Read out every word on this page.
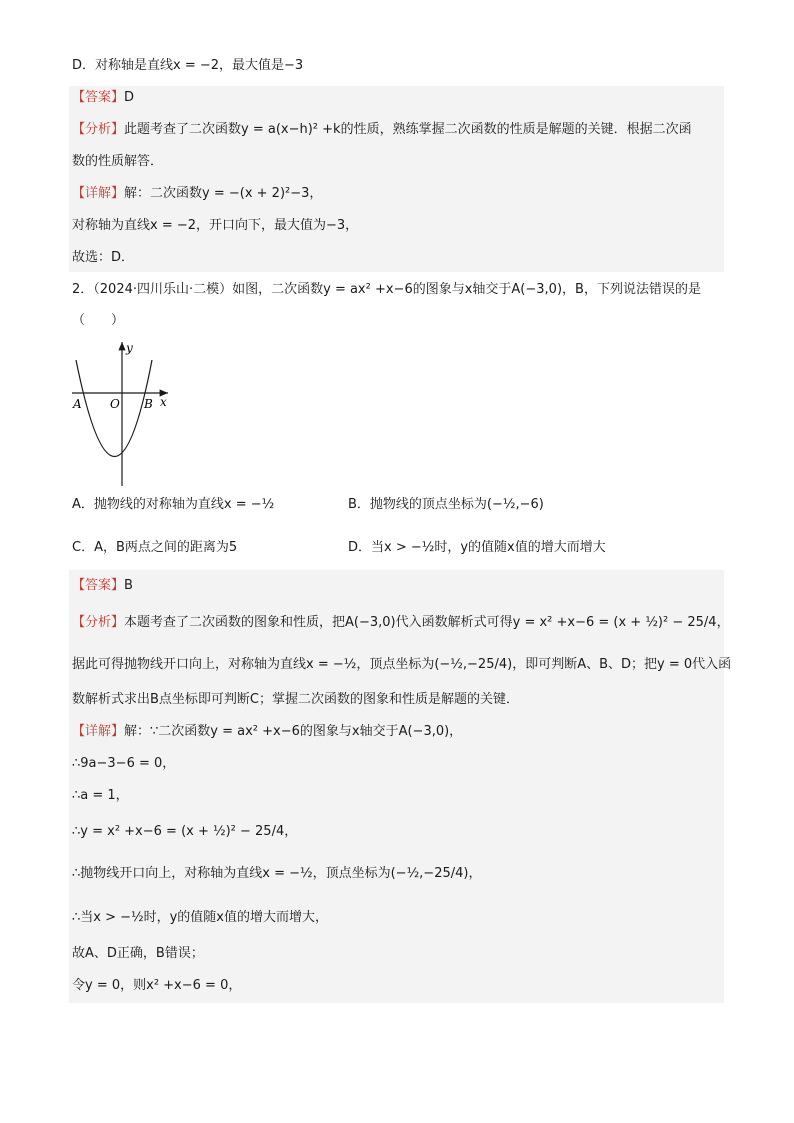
D．对称轴是直线x = −2，最大值是−3
【答案】D
【分析】此题考查了二次函数y = a(x−h)² +k的性质，熟练掌握二次函数的性质是解题的关键．根据二次函
数的性质解答．
【详解】解：二次函数y = −(x + 2)²−3，
对称轴为直线x = −2，开口向下，最大值为−3，
故选：D．
2．（2024·四川乐山·二模）如图，二次函数y = ax² +x−6的图象与x轴交于A(−3,0)，B，下列说法错误的是
（　　）
y
x
A O B
A．抛物线的对称轴为直线x = −½	B．抛物线的顶点坐标为(−½,−6)
C．A，B两点之间的距离为5	D．当x > −½时，y的值随x值的增大而增大
【答案】B
【分析】本题考查了二次函数的图象和性质，把A(−3,0)代入函数解析式可得y = x² +x−6 = (x + ½)² − 25/4，
据此可得抛物线开口向上，对称轴为直线x = −½，顶点坐标为(−½,−25/4)，即可判断A、B、D；把y = 0代入函
数解析式求出B点坐标即可判断C；掌握二次函数的图象和性质是解题的关键．
【详解】解：∵二次函数y = ax² +x−6的图象与x轴交于A(−3,0)，
∴9a−3−6 = 0，
∴a = 1，
∴y = x² +x−6 = (x + ½)² − 25/4，
∴抛物线开口向上，对称轴为直线x = −½，顶点坐标为(−½,−25/4)，
∴当x > −½时，y的值随x值的增大而增大，
故A、D正确，B错误；
令y = 0，则x² +x−6 = 0，
